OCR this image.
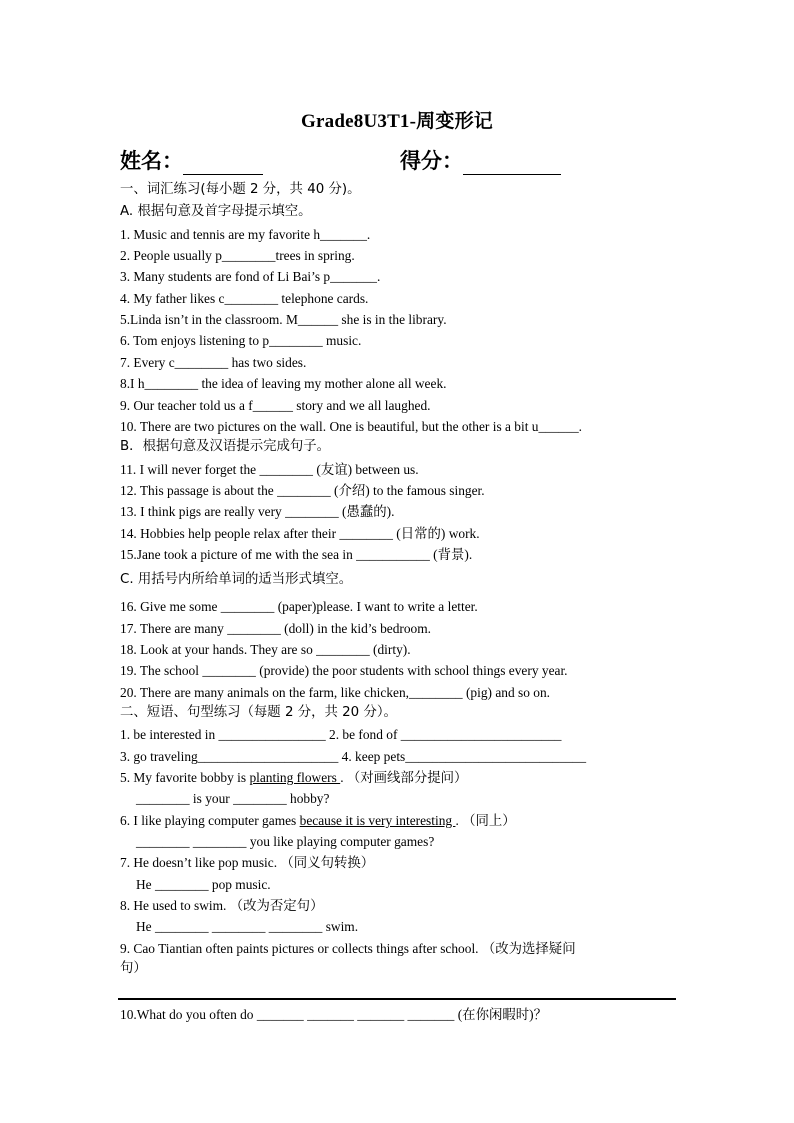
Grade8U3T1-周变形记
姓名：	得分：
一、词汇练习(每小题 2 分，共 40 分)。
A. 根据句意及首字母提示填空。
1. Music and tennis are my favorite h_______.
2. People usually p________trees in spring.
3. Many students are fond of Li Bai’s p_______.
4. My father likes c________ telephone cards.
5.Linda isn’t in the classroom. M______ she is in the library.
6. Tom enjoys listening to p________ music.
7. Every c________ has two sides.
8.I h________ the idea of leaving my mother alone all week.
9. Our teacher told us a f______ story and we all laughed.
10. There are two pictures on the wall. One is beautiful, but the other is a bit u______.
B．根据句意及汉语提示完成句子。
11. I will never forget the ________ (友谊) between us.
12. This passage is about the ________ (介绍) to the famous singer.
13. I think pigs are really very ________ (愚蠢的).
14. Hobbies help people relax after their ________ (日常的) work.
15.Jane took a picture of me with the sea in ___________ (背景).
C. 用括号内所给单词的适当形式填空。
16. Give me some ________ (paper)please. I want to write a letter.
17. There are many ________ (doll) in the kid’s bedroom.
18. Look at your hands. They are so ________ (dirty).
19. The school ________ (provide) the poor students with school things every year.
20. There are many animals on the farm, like chicken,________ (pig) and so on.
二、短语、句型练习（每题 2 分，共 20 分）。
1. be interested in ________________ 2. be fond of ________________________
3. go traveling_____________________ 4. keep pets___________________________
5. My favorite bobby is planting flowers . （对画线部分提问）
________ is your ________ hobby?
6. I like playing computer games because it is very interesting . （同上）
________ ________ you like playing computer games?
7. He doesn’t like pop music. （同义句转换）
He ________ pop music.
8. He used to swim. （改为否定句）
He ________ ________ ________ swim.
9. Cao Tiantian often paints pictures or collects things after school. （改为选择疑问
句）
10.What do you often do _______ _______ _______ _______ (在你闲暇时)？
